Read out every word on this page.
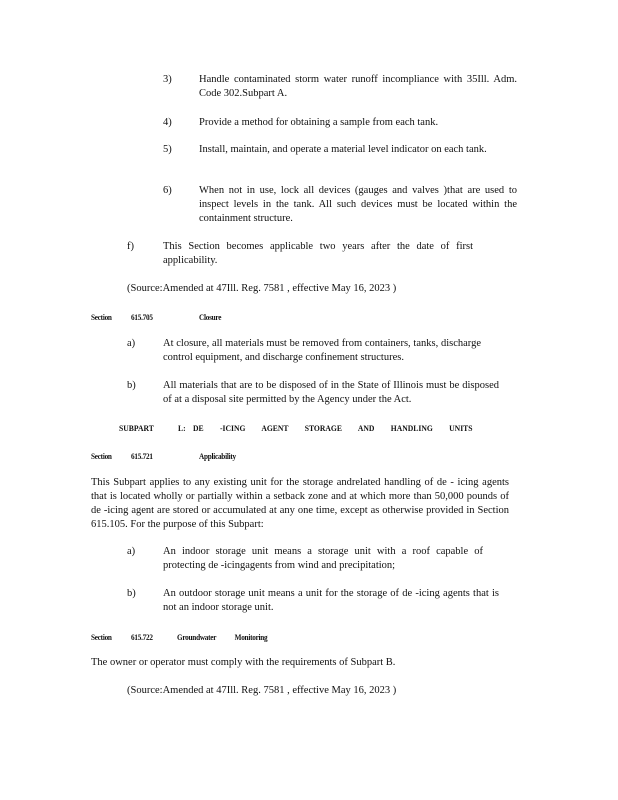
3)	Handle contaminated storm water runoff incompliance with 35Ill. Adm. Code 302.Subpart A.
4)	Provide a method for obtaining a sample from each tank.
5)	Install, maintain, and operate a material level indicator on each tank.
6)	When not in use, lock all devices (gauges and valves )that are used to inspect levels in the tank. All such devices must be located within the containment structure.
f)	This Section becomes applicable two years after the date of first applicability.
(Source:Amended at 47Ill. Reg. 7581 , effective May 16, 2023 )
Section 615.705	Closure
a)	At closure, all materials must be removed from containers, tanks, discharge control equipment, and discharge confinement structures.
b)	All materials that are to be disposed of in the State of Illinois must be disposed of at a disposal site permitted by the Agency under the Act.
SUBPART	L: DE -ICING AGENT STORAGE AND HANDLING UNITS
Section 615.721	Applicability
This Subpart applies to any existing unit for the storage andrelated handling of de - icing agents that is located wholly or partially within a setback zone and at which more than 50,000 pounds of de -icing agent are stored or accumulated at any one time, except as otherwise provided in Section 615.105. For the purpose of this Subpart:
a)	An indoor storage unit means a storage unit with a roof capable of protecting de -icingagents from wind and precipitation;
b)	An outdoor storage unit means a unit for the storage of de -icing agents that is not an indoor storage unit.
Section 615.722	Groundwater Monitoring
The owner or operator must comply with the requirements of Subpart B.
(Source:Amended at 47Ill. Reg. 7581 , effective May 16, 2023 )
